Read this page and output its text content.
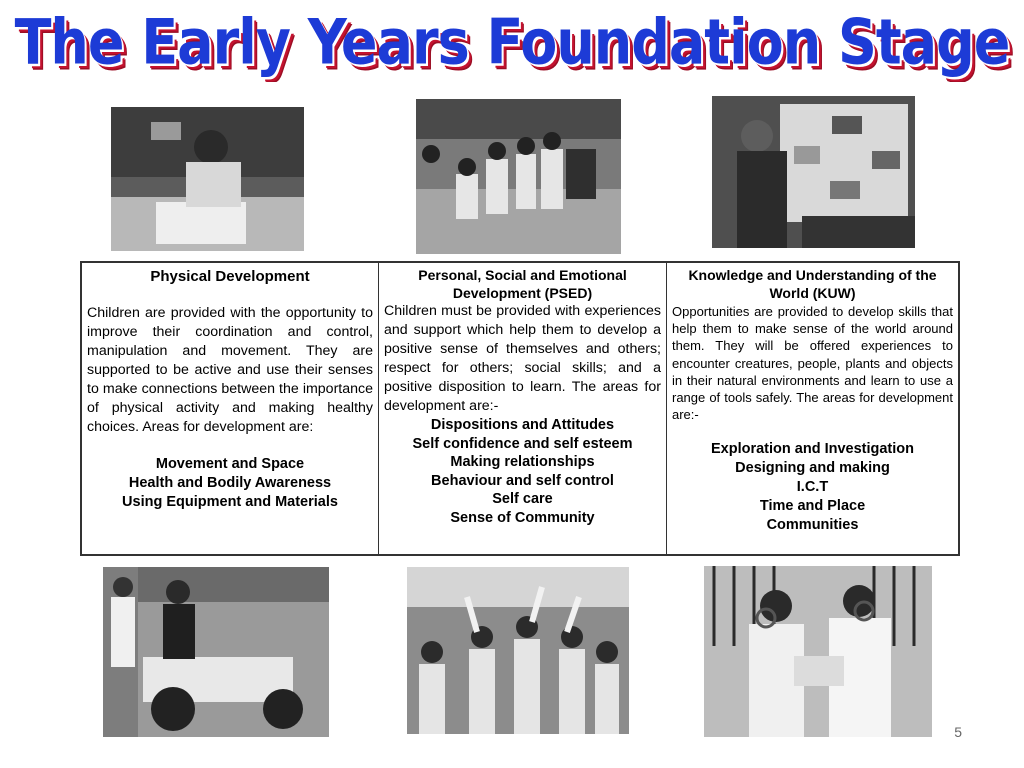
The Early Years Foundation Stage
Physical Development
Children are provided with the opportunity to improve their coordination and control, manipulation and movement. They are supported to be active and use their senses to make connections between the importance of physical activity and making healthy choices. Areas for development are:
Movement and Space
Health and Bodily Awareness
Using Equipment and Materials
Personal, Social and Emotional Development (PSED)
Children must be provided with experiences and support which help them to develop a positive sense of themselves and others; respect for others; social skills; and a positive disposition to learn. The areas for development are:-
Dispositions and Attitudes
Self confidence and self esteem
Making relationships
Behaviour and self control
Self care
Sense of Community
Knowledge and Understanding of the World (KUW)
Opportunities are provided to develop skills that help them to make sense of the world around them. They will be offered experiences to encounter creatures, people, plants and objects in their natural environments and learn to use a range of tools safely. The areas for development are:-
Exploration and Investigation
Designing and making
I.C.T
Time and Place
Communities
5
